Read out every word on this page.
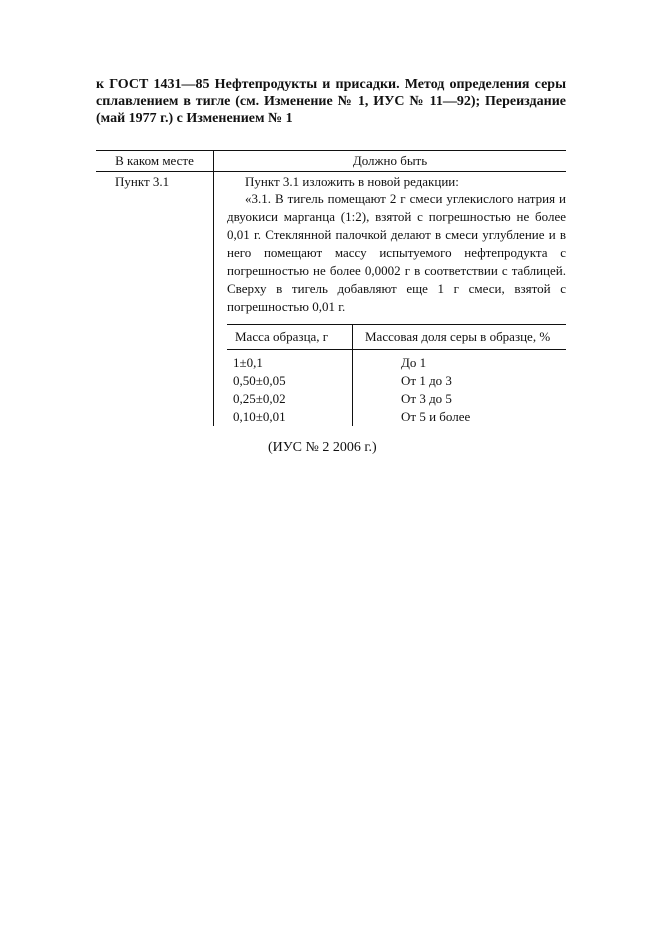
к ГОСТ 1431—85 Нефтепродукты и присадки. Метод определения серы сплавлением в тигле (см. Изменение № 1, ИУС № 11—92); Переиздание (май 1977 г.) с Изменением № 1

В каком месте	Должно быть
Пункт 3.1	Пункт 3.1 изложить в новой редакции:

«3.1. В тигель помещают 2 г смеси углекислого натрия и двуокиси марганца (1:2), взятой с погрешностью не более 0,01 г. Стеклянной палочкой делают в смеси углубление и в него помещают массу испытуемого нефтепродукта с погрешностью не более 0,0002 г в соответствии с таблицей. Сверху в тигель добавляют еще 1 г смеси, взятой с погрешностью 0,01 г.

Масса образца, г	Массовая доля серы в образце, %
1±0,1	До 1
0,50±0,05	От 1 до 3
0,25±0,02	От 3 до 5
0,10±0,01	От 5 и более

(ИУС № 2 2006 г.)
